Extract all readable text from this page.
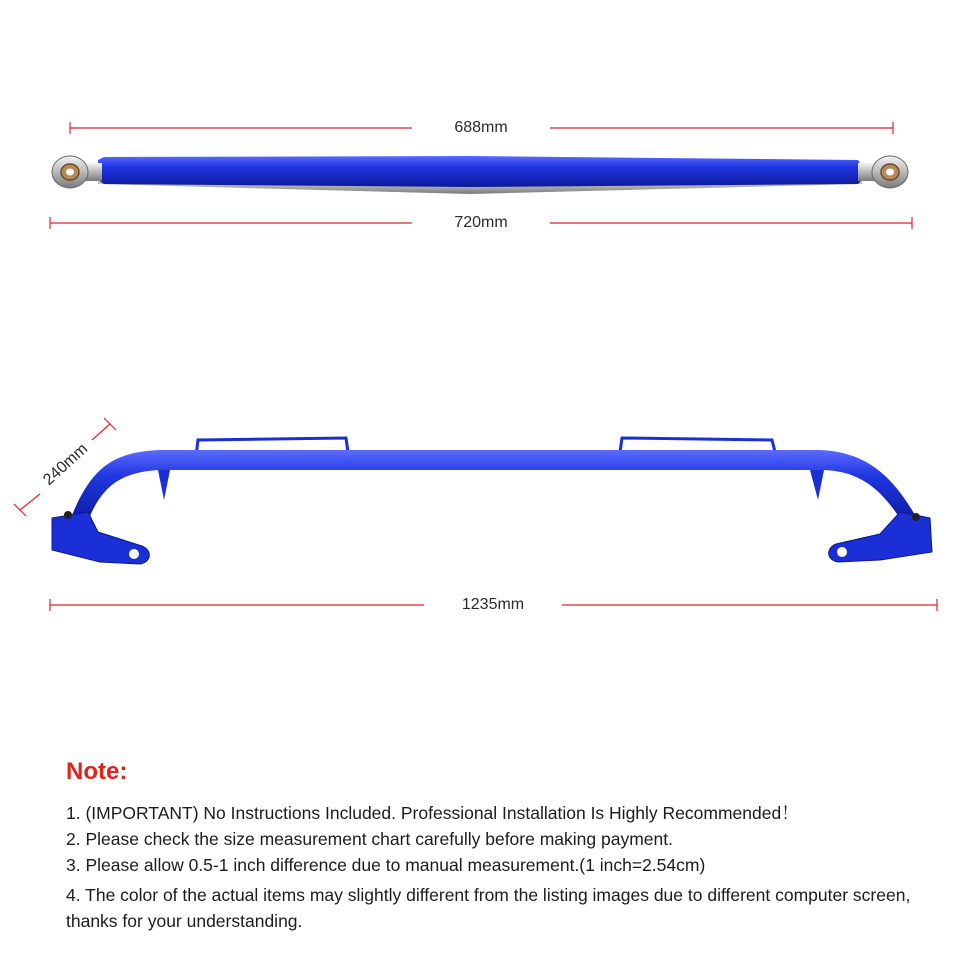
688mm
720mm
240mm
1235mm

Note:

1. (IMPORTANT) No Instructions Included. Professional Installation Is Highly Recommended！

2. Please check the size measurement chart carefully before making payment.

3. Please allow 0.5-1 inch difference due to manual measurement.(1 inch=2.54cm)

4. The color of the actual items may slightly different from the listing images due to different computer screen, thanks for your understanding.
